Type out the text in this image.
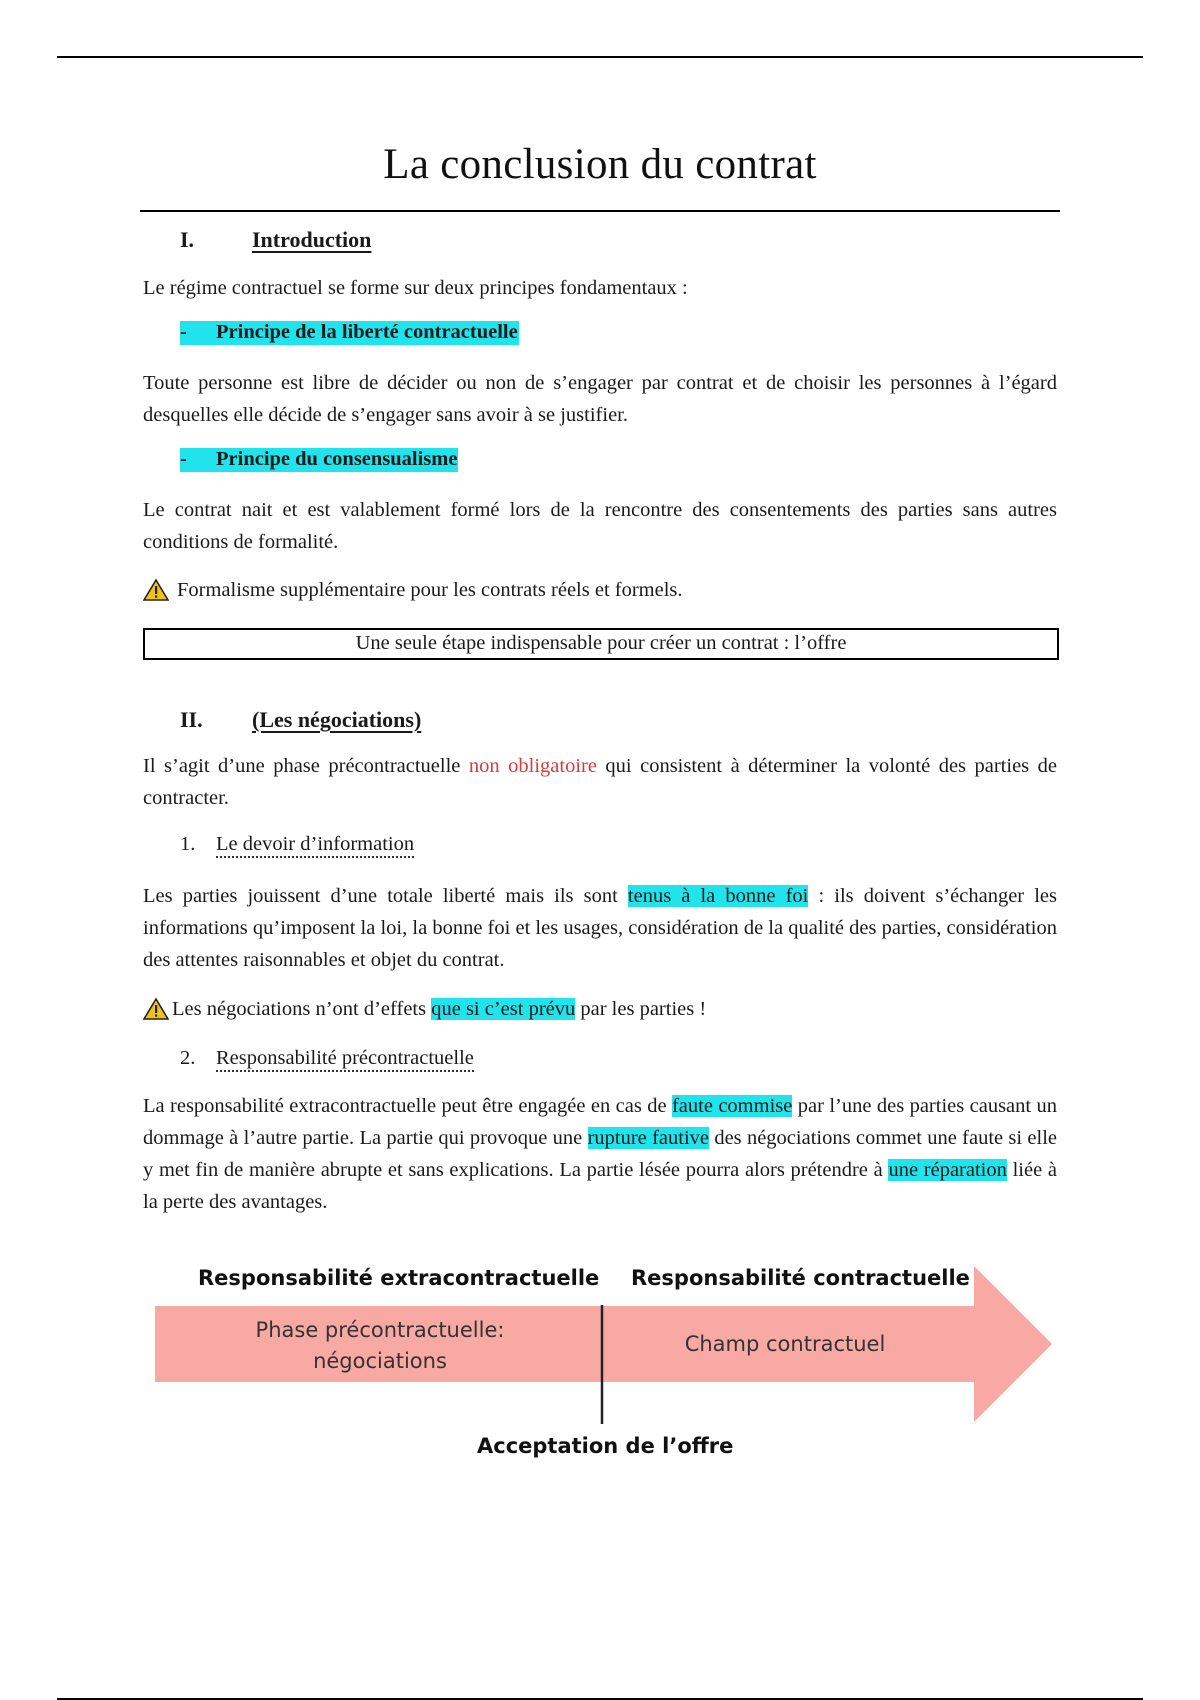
La conclusion du contrat
I.	Introduction

Le régime contractuel se forme sur deux principes fondamentaux :

- Principe de la liberté contractuelle

Toute personne est libre de décider ou non de s’engager par contrat et de choisir les personnes à l’égard desquelles elle décide de s’engager sans avoir à se justifier.

- Principe du consensualisme

Le contrat nait et est valablement formé lors de la rencontre des consentements des parties sans autres conditions de formalité.

Formalisme supplémentaire pour les contrats réels et formels.
Une seule étape indispensable pour créer un contrat : l’offre
II. (Les négociations)

Il s’agit d’une phase précontractuelle non obligatoire qui consistent à déterminer la volonté des parties de contracter.

1. Le devoir d’information

Les parties jouissent d’une totale liberté mais ils sont tenus à la bonne foi : ils doivent s’échanger les informations qu’imposent la loi, la bonne foi et les usages, considération de la qualité des parties, considération des attentes raisonnables et objet du contrat.

Les négociations n’ont d’effets que si c’est prévu par les parties !
2. Responsabilité précontractuelle

La responsabilité extracontractuelle peut être engagée en cas de faute commise par l’une des parties causant un dommage à l’autre partie. La partie qui provoque une rupture fautive des négociations commet une faute si elle y met fin de manière abrupte et sans explications. La partie lésée pourra alors prétendre à une réparation liée à la perte des avantages.

Responsabilité extracontractuelle Responsabilité contractuelle
Phase précontractuelle:
négociations
Champ contractuel
Acceptation de l’offre
